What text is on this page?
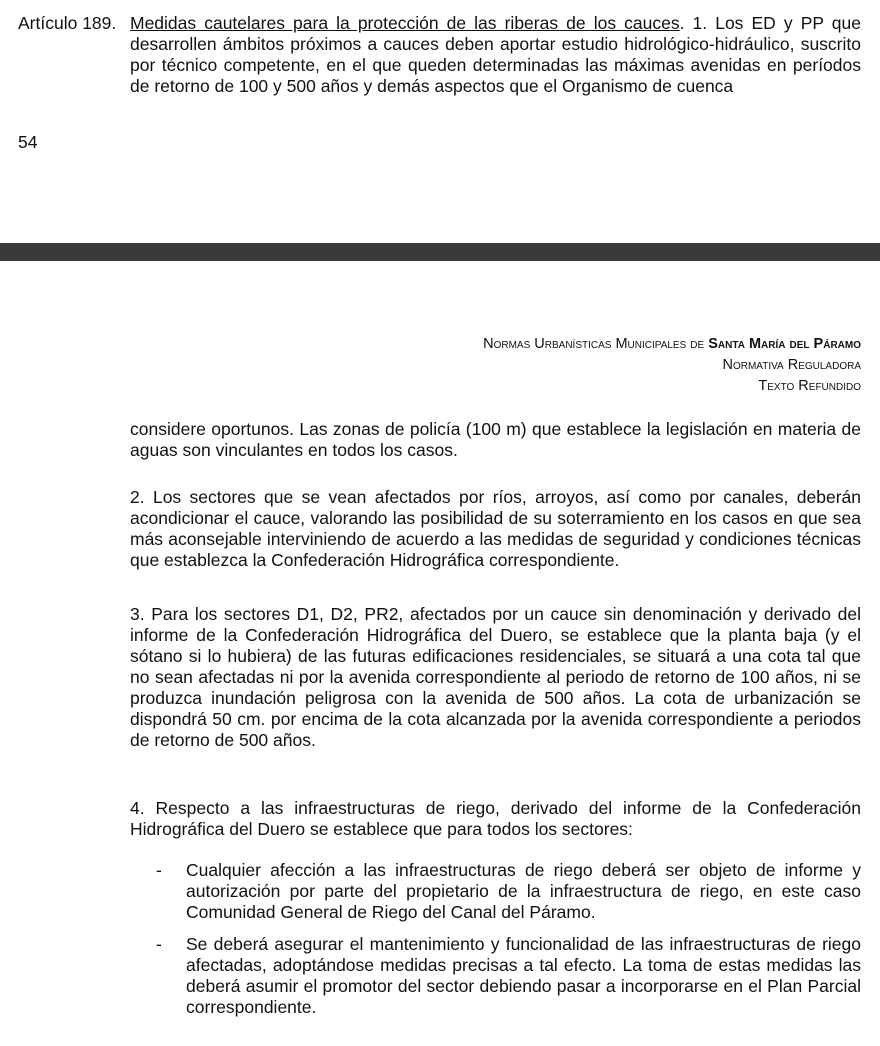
Artículo 189. Medidas cautelares para la protección de las riberas de los cauces. 1. Los ED y PP que desarrollen ámbitos próximos a cauces deben aportar estudio hidrológico-hidráulico, suscrito por técnico competente, en el que queden determinadas las máximas avenidas en períodos de retorno de 100 y 500 años y demás aspectos que el Organismo de cuenca
54
Normas Urbanísticas Municipales de Santa María del Páramo
Normativa Reguladora
Texto Refundido
considere oportunos. Las zonas de policía (100 m) que establece la legislación en materia de aguas son vinculantes en todos los casos.
2. Los sectores que se vean afectados por ríos, arroyos, así como por canales, deberán acondicionar el cauce, valorando las posibilidad de su soterramiento en los casos en que sea más aconsejable interviniendo de acuerdo a las medidas de seguridad y condiciones técnicas que establezca la Confederación Hidrográfica correspondiente.
3. Para los sectores D1, D2, PR2, afectados por un cauce sin denominación y derivado del informe de la Confederación Hidrográfica del Duero, se establece que la planta baja (y el sótano si lo hubiera) de las futuras edificaciones residenciales, se situará a una cota tal que no sean afectadas ni por la avenida correspondiente al periodo de retorno de 100 años, ni se produzca inundación peligrosa con la avenida de 500 años. La cota de urbanización se dispondrá 50 cm. por encima de la cota alcanzada por la avenida correspondiente a periodos de retorno de 500 años.
4. Respecto a las infraestructuras de riego, derivado del informe de la Confederación Hidrográfica del Duero se establece que para todos los sectores:
-	Cualquier afección a las infraestructuras de riego deberá ser objeto de informe y autorización por parte del propietario de la infraestructura de riego, en este caso Comunidad General de Riego del Canal del Páramo.
-	Se deberá asegurar el mantenimiento y funcionalidad de las infraestructuras de riego afectadas, adoptándose medidas precisas a tal efecto. La toma de estas medidas las deberá asumir el promotor del sector debiendo pasar a incorporarse en el Plan Parcial correspondiente.
